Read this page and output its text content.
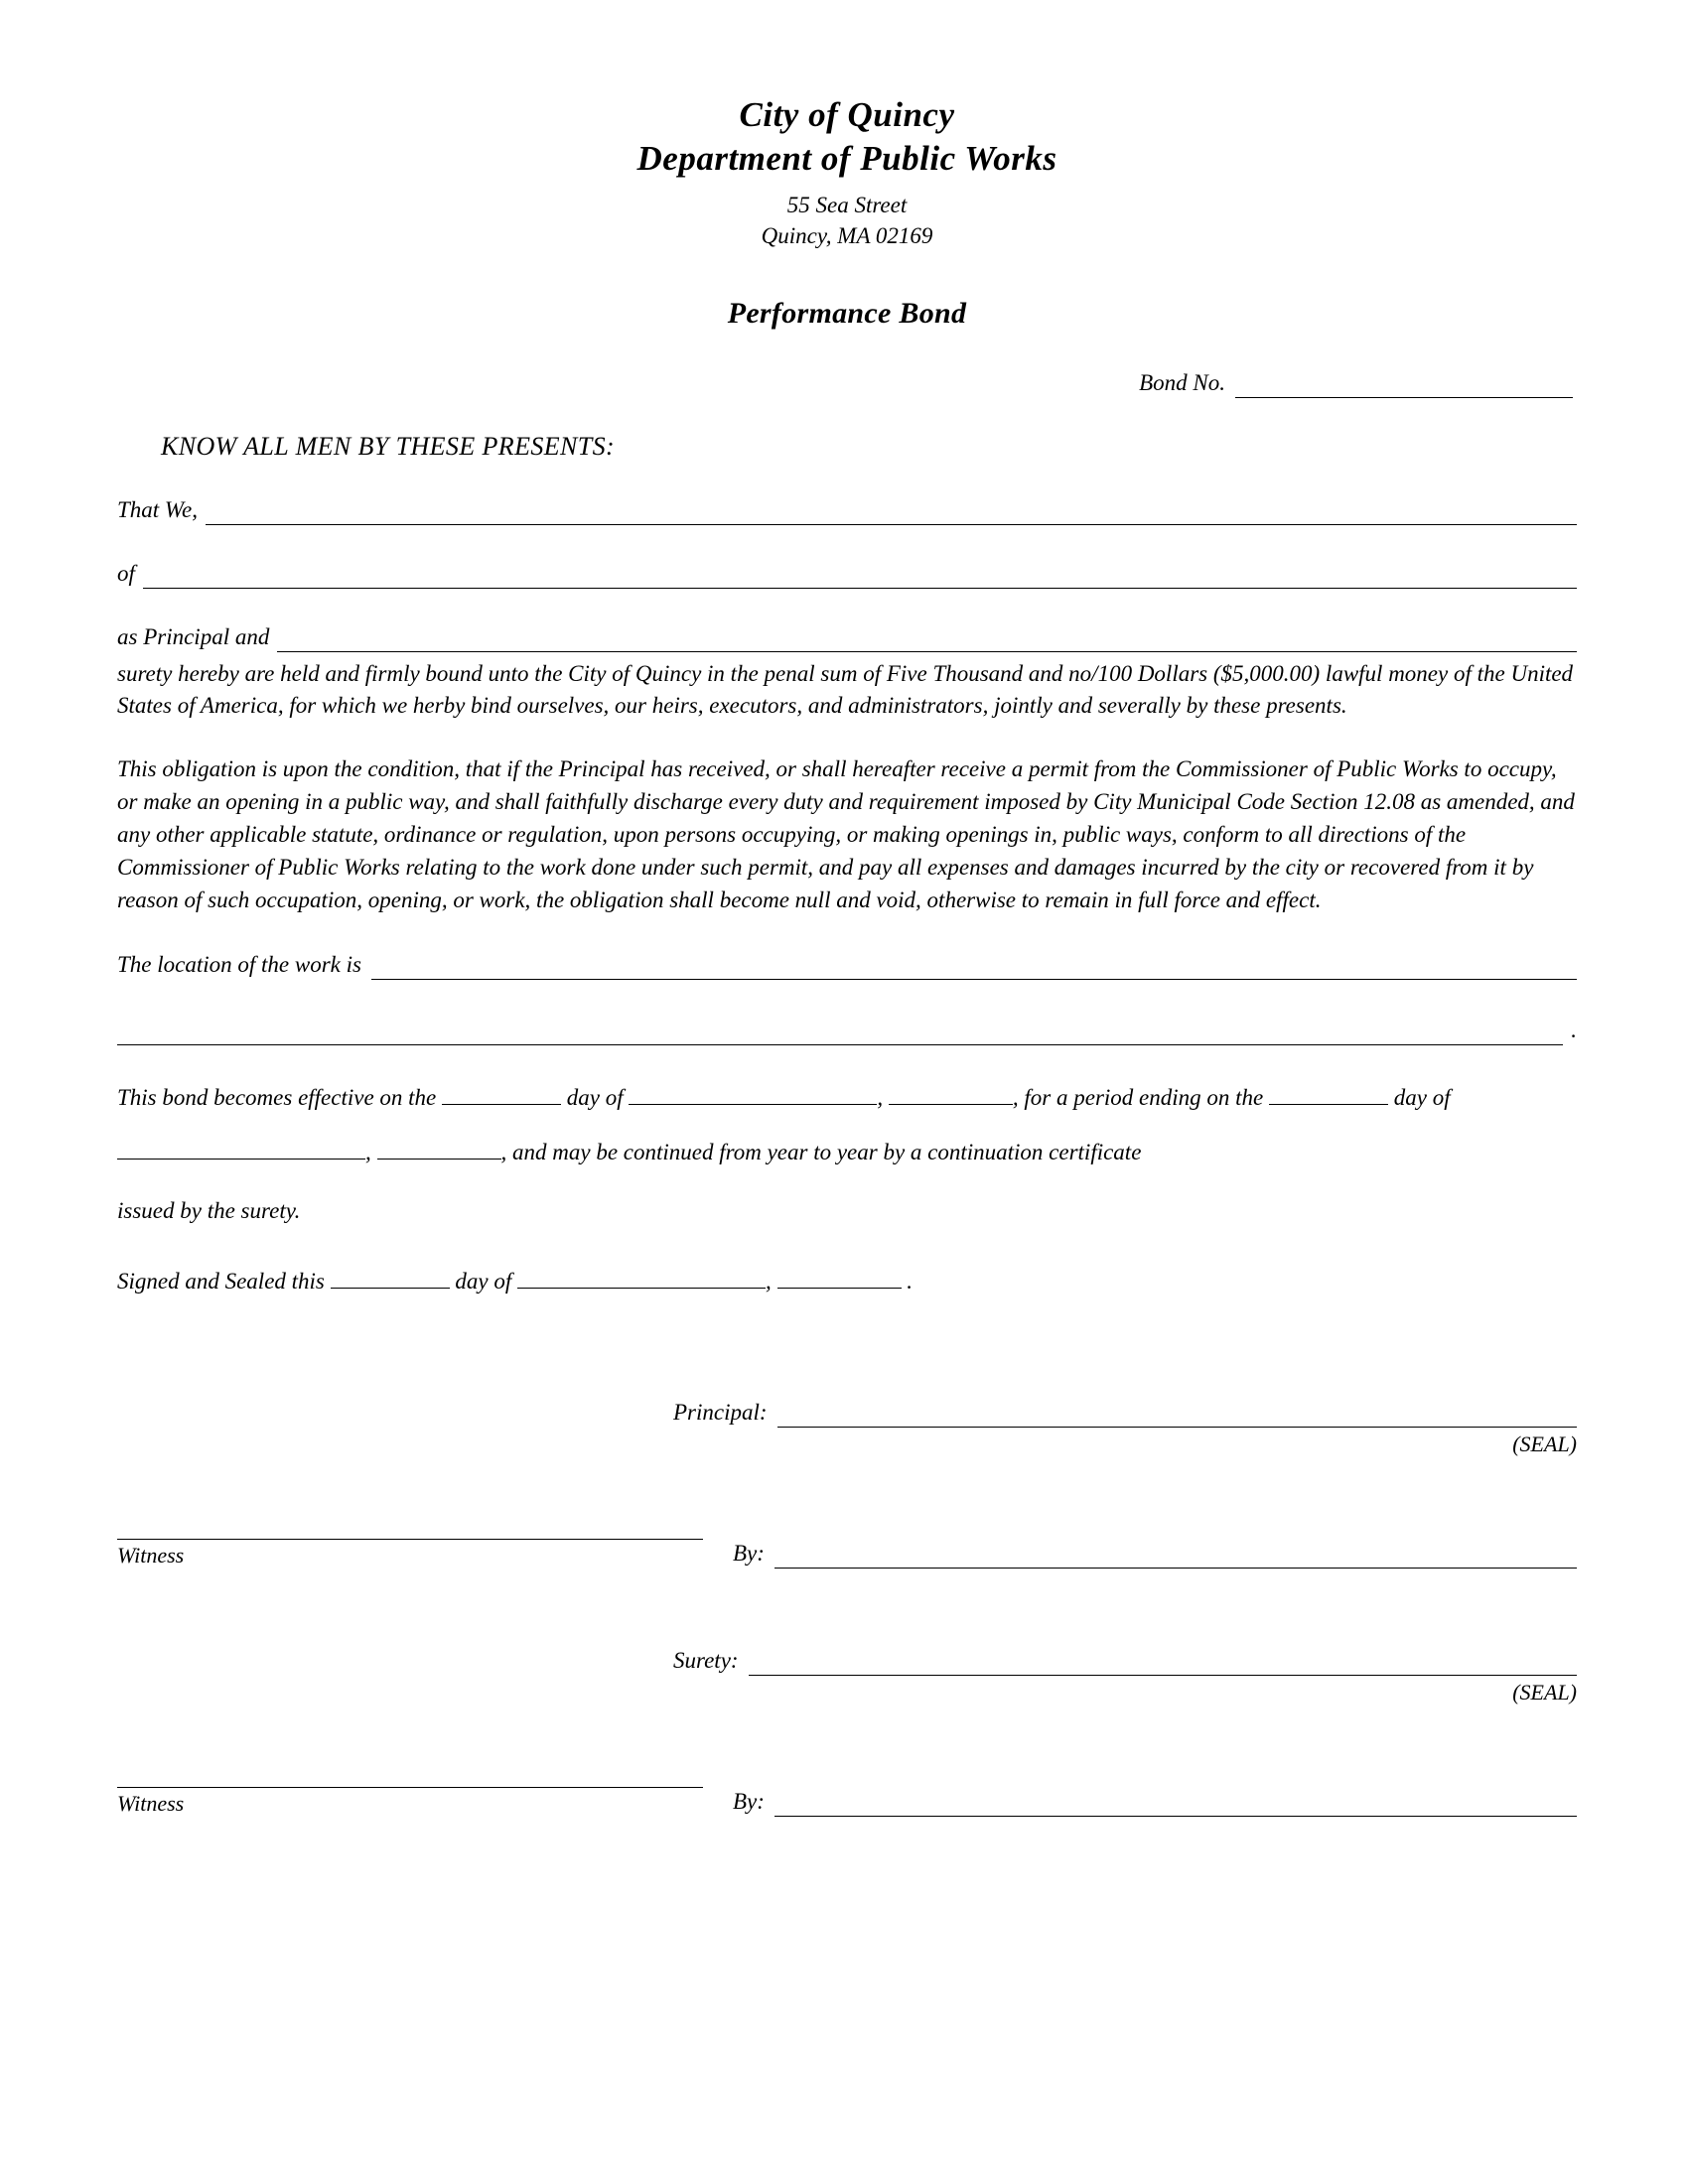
City of Quincy
Department of Public Works
55 Sea Street
Quincy, MA 02169
Performance Bond
Bond No.
KNOW ALL MEN BY THESE PRESENTS:
That We,
of
as Principal and

surety hereby are held and firmly bound unto the City of Quincy in the penal sum of Five Thousand and no/100 Dollars ($5,000.00) lawful money of the United States of America, for which we herby bind ourselves, our heirs, executors, and administrators, jointly and severally by these presents.

This obligation is upon the condition, that if the Principal has received, or shall hereafter receive a permit from the Commissioner of Public Works to occupy, or make an opening in a public way, and shall faithfully discharge every duty and requirement imposed by City Municipal Code Section 12.08 as amended, and any other applicable statute, ordinance or regulation, upon persons occupying, or making openings in, public ways, conform to all directions of the Commissioner of Public Works relating to the work done under such permit, and pay all expenses and damages incurred by the city or recovered from it by reason of such occupation, opening, or work, the obligation shall become null and void, otherwise to remain in full force and effect.

The location of the work is
.
This bond becomes effective on the	day of	,	, for a period ending on the	day of ,	, and may be continued from year to year by a continuation certificate
issued by the surety.
Signed and Sealed this	day of	,	.
Principal:
(SEAL)
Witness	By:
Surety:
(SEAL)
Witness	By:
